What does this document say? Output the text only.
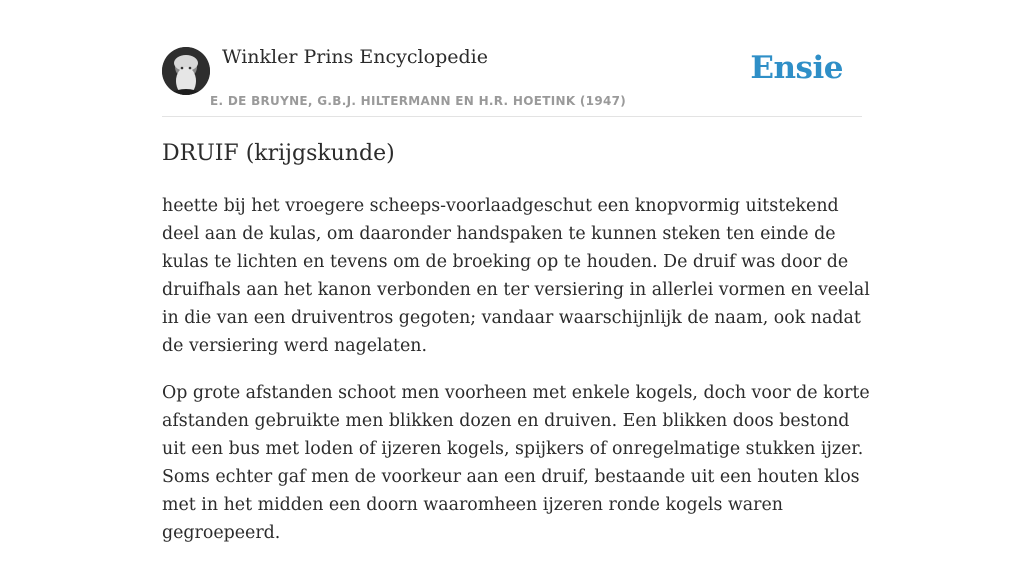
Winkler Prins Encyclopedie
E. DE BRUYNE, G.B.J. HILTERMANN EN H.R. HOETINK (1947)
Ensie
DRUIF (krijgskunde)

heette bij het vroegere scheeps-voorlaadgeschut een knopvormig uitstekend deel aan de kulas, om daaronder handspaken te kunnen steken ten einde de kulas te lichten en tevens om de broeking op te houden. De druif was door de druifhals aan het kanon verbonden en ter versiering in allerlei vormen en veelal in die van een druiventros gegoten; vandaar waarschijnlijk de naam, ook nadat de versiering werd nagelaten.

Op grote afstanden schoot men voorheen met enkele kogels, doch voor de korte afstanden gebruikte men blikken dozen en druiven. Een blikken doos bestond uit een bus met loden of ijzeren kogels, spijkers of onregelmatige stukken ijzer. Soms echter gaf men de voorkeur aan een druif, bestaande uit een houten klos met in het midden een doorn waaromheen ijzeren ronde kogels waren gegroepeerd.
